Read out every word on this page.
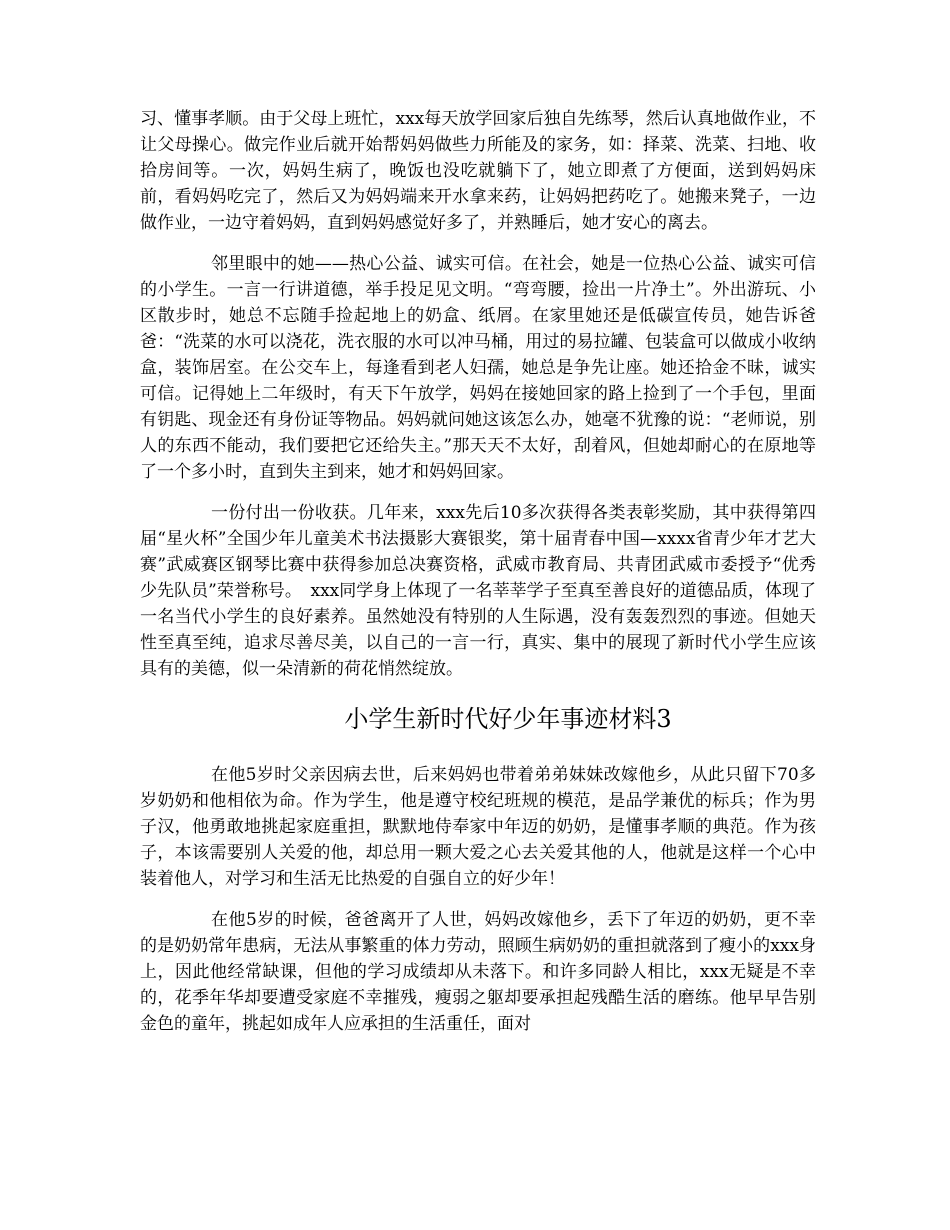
习、懂事孝顺。由于父母上班忙，xxx每天放学回家后独自先练琴，然后认真地做作业，不让父母操心。做完作业后就开始帮妈妈做些力所能及的家务，如：择菜、洗菜、扫地、收拾房间等。一次，妈妈生病了，晚饭也没吃就躺下了，她立即煮了方便面，送到妈妈床前，看妈妈吃完了，然后又为妈妈端来开水拿来药，让妈妈把药吃了。她搬来凳子，一边做作业，一边守着妈妈，直到妈妈感觉好多了，并熟睡后，她才安心的离去。

邻里眼中的她——热心公益、诚实可信。在社会，她是一位热心公益、诚实可信的小学生。一言一行讲道德，举手投足见文明。“弯弯腰，捡出一片净土”。外出游玩、小区散步时，她总不忘随手捡起地上的奶盒、纸屑。在家里她还是低碳宣传员，她告诉爸爸：“洗菜的水可以浇花，洗衣服的水可以冲马桶，用过的易拉罐、包装盒可以做成小收纳盒，装饰居室。在公交车上，每逢看到老人妇孺，她总是争先让座。她还拾金不昧，诚实可信。记得她上二年级时，有天下午放学，妈妈在接她回家的路上捡到了一个手包，里面有钥匙、现金还有身份证等物品。妈妈就问她这该怎么办，她毫不犹豫的说：“老师说，别人的东西不能动，我们要把它还给失主。”那天天不太好，刮着风，但她却耐心的在原地等了一个多小时，直到失主到来，她才和妈妈回家。

一份付出一份收获。几年来，xxx先后10多次获得各类表彰奖励，其中获得第四届“星火杯”全国少年儿童美术书法摄影大赛银奖，第十届青春中国—xxxx省青少年才艺大赛”武威赛区钢琴比赛中获得参加总决赛资格，武威市教育局、共青团武威市委授予“优秀少先队员”荣誉称号。　xxx同学身上体现了一名莘莘学子至真至善良好的道德品质，体现了一名当代小学生的良好素养。虽然她没有特别的人生际遇，没有轰轰烈烈的事迹。但她天性至真至纯，追求尽善尽美，以自己的一言一行，真实、集中的展现了新时代小学生应该具有的美德，似一朵清新的荷花悄然绽放。

小学生新时代好少年事迹材料3

在他5岁时父亲因病去世，后来妈妈也带着弟弟妹妹改嫁他乡，从此只留下70多岁奶奶和他相依为命。作为学生，他是遵守校纪班规的模范，是品学兼优的标兵；作为男子汉，他勇敢地挑起家庭重担，默默地侍奉家中年迈的奶奶，是懂事孝顺的典范。作为孩子，本该需要别人关爱的他，却总用一颗大爱之心去关爱其他的人，他就是这样一个心中装着他人，对学习和生活无比热爱的自强自立的好少年！

在他5岁的时候，爸爸离开了人世，妈妈改嫁他乡，丢下了年迈的奶奶，更不幸的是奶奶常年患病，无法从事繁重的体力劳动，照顾生病奶奶的重担就落到了瘦小的xxx身上，因此他经常缺课，但他的学习成绩却从未落下。和许多同龄人相比，xxx无疑是不幸的，花季年华却要遭受家庭不幸摧残，瘦弱之躯却要承担起残酷生活的磨练。他早早告别金色的童年，挑起如成年人应承担的生活重任，面对
